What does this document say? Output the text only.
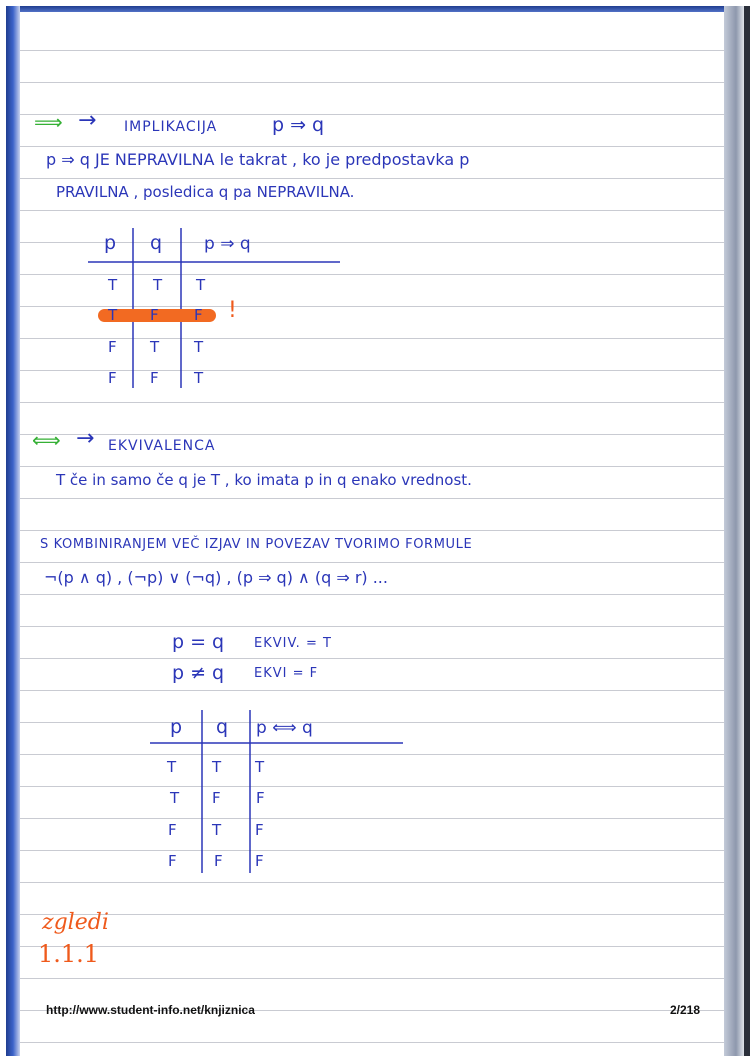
⟹ → IMPLIKACIJA	p ⇒ q
p ⇒ q JE NEPRAVILNA le takrat , ko je predpostavka p
PRAVILNA , posledica q pa NEPRAVILNA.
p q p ⇒ q
T T T
T F F !
F T T
F F T
⟺ → EKVIVALENCA
T če in samo če q je T , ko imata p in q enako vrednost.
S KOMBINIRANJEM VEČ IZJAV IN POVEZAV TVORIMO FORMULE
¬(p ∧ q) , (¬p) ∨ (¬q) , (p ⇒ q) ∧ (q ⇒ r) ...
p = q EKVIV. = T
p ≠ q EKVI = F
p q p ⟺ q
T T T
T F F
F T F
F F F
zgledi
1.1.1
http://www.student-info.net/knjiznica	2/218
